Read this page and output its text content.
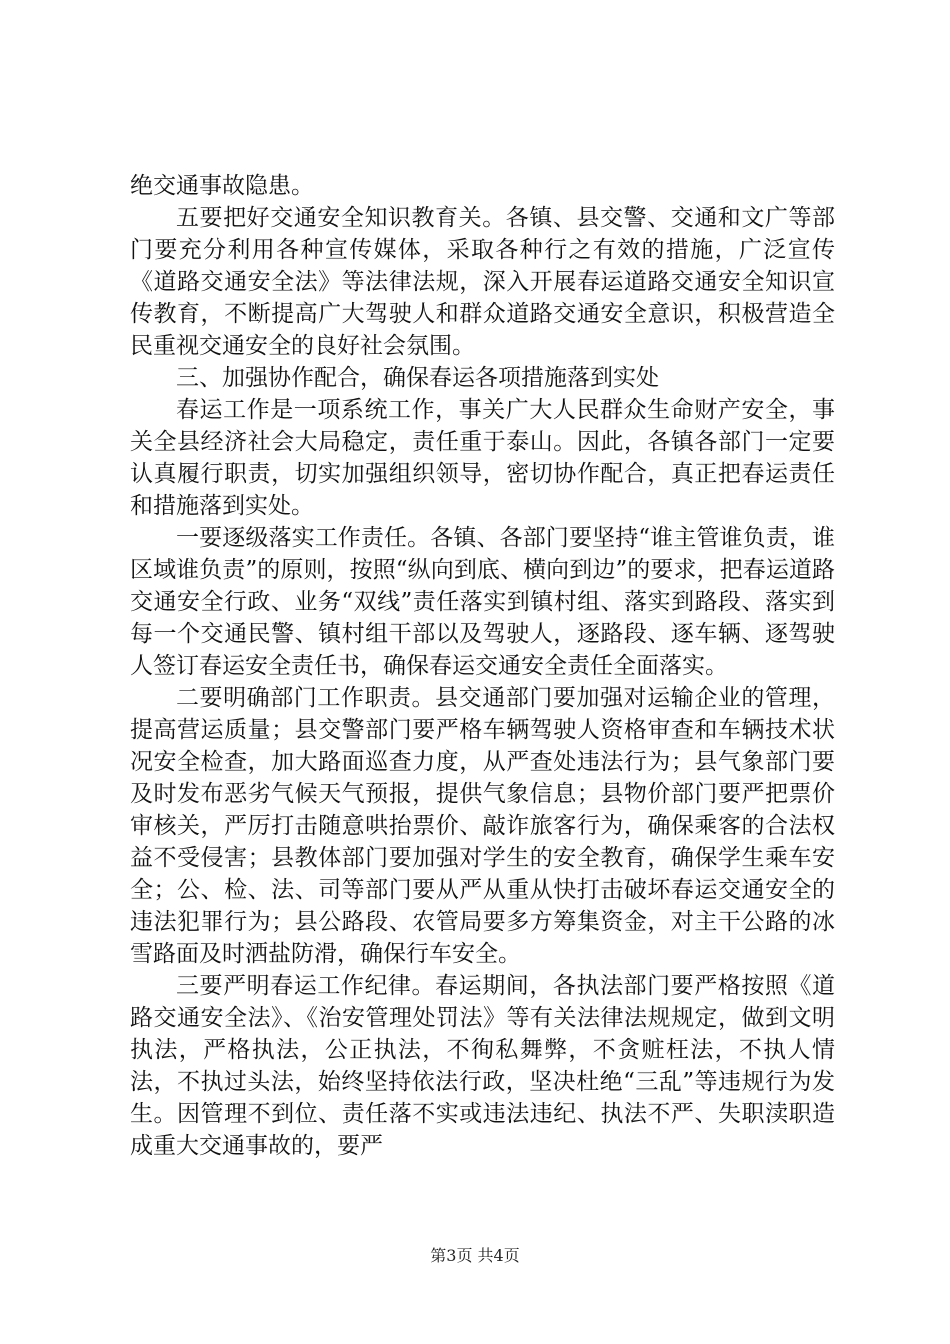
绝交通事故隐患。

五要把好交通安全知识教育关。各镇、县交警、交通和文广等部门要充分利用各种宣传媒体，采取各种行之有效的措施，广泛宣传《道路交通安全法》等法律法规，深入开展春运道路交通安全知识宣传教育，不断提高广大驾驶人和群众道路交通安全意识，积极营造全民重视交通安全的良好社会氛围。

三、加强协作配合，确保春运各项措施落到实处

春运工作是一项系统工作，事关广大人民群众生命财产安全，事关全县经济社会大局稳定，责任重于泰山。因此，各镇各部门一定要认真履行职责，切实加强组织领导，密切协作配合，真正把春运责任和措施落到实处。

一要逐级落实工作责任。各镇、各部门要坚持“谁主管谁负责，谁区域谁负责”的原则，按照“纵向到底、横向到边”的要求，把春运道路交通安全行政、业务“双线”责任落实到镇村组、落实到路段、落实到每一个交通民警、镇村组干部以及驾驶人，逐路段、逐车辆、逐驾驶人签订春运安全责任书，确保春运交通安全责任全面落实。

二要明确部门工作职责。县交通部门要加强对运输企业的管理，提高营运质量；县交警部门要严格车辆驾驶人资格审查和车辆技术状况安全检查，加大路面巡查力度，从严查处违法行为；县气象部门要及时发布恶劣气候天气预报，提供气象信息；县物价部门要严把票价审核关，严厉打击随意哄抬票价、敲诈旅客行为，确保乘客的合法权益不受侵害；县教体部门要加强对学生的安全教育，确保学生乘车安全；公、检、法、司等部门要从严从重从快打击破坏春运交通安全的违法犯罪行为；县公路段、农管局要多方筹集资金，对主干公路的冰雪路面及时洒盐防滑，确保行车安全。

三要严明春运工作纪律。春运期间，各执法部门要严格按照《道路交通安全法》、《治安管理处罚法》等有关法律法规规定，做到文明执法，严格执法，公正执法，不徇私舞弊，不贪赃枉法，不执人情法，不执过头法，始终坚持依法行政，坚决杜绝“三乱”等违规行为发生。因管理不到位、责任落不实或违法违纪、执法不严、失职渎职造成重大交通事故的，要严

第3页 共4页
